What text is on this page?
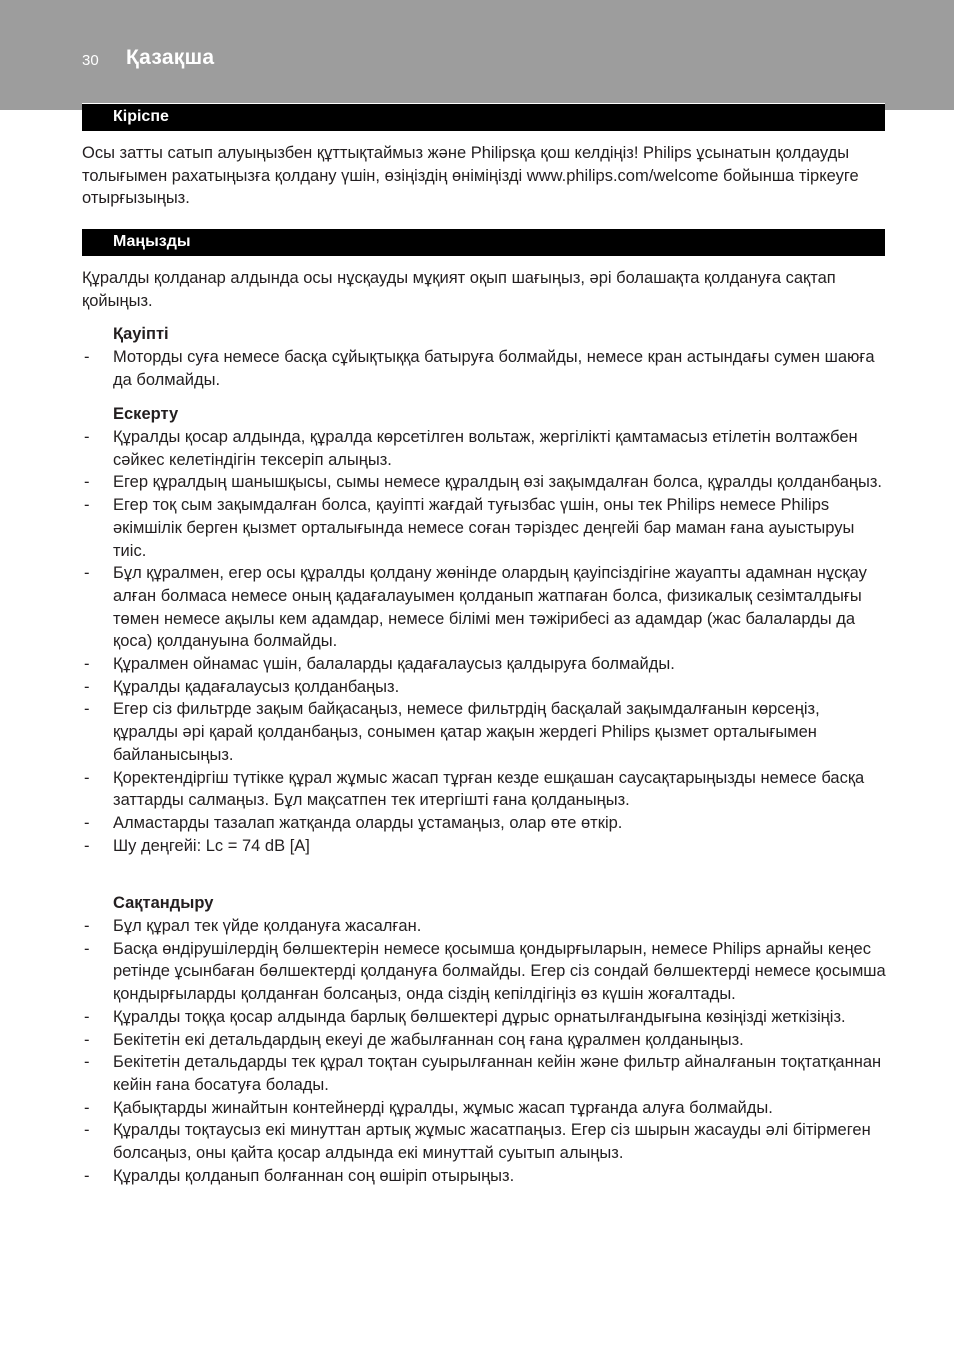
30 Қазақша
Кіріспе

Осы затты сатып алуыңызбен құттықтаймыз және Philipsқа қош келдіңіз! Philips ұсынатын қолдауды толығымен рахатыңызға қолдану үшін, өзіңіздің өніміңізді www.philips.com/welcome бойынша тіркеуге отырғызыңыз.

Маңызды

Құралды қолданар алдында осы нұсқауды мұқият оқып шағыңыз, әрі болашақта қолдануға сақтап қойыңыз.

Қауіпті
- Моторды суға немесе басқа сұйықтыққа батыруға болмайды, немесе кран астындағы сумен шаюға да болмайды.
Ескерту
- Құралды қосар алдында, құралда көрсетілген вольтаж, жергілікті қамтамасыз етілетін волтажбен сәйкес келетіндігін тексеріп алыңыз.
- Егер құралдың шанышқысы, сымы немесе құралдың өзі зақымдалған болса, құралды қолданбаңыз.
- Егер тоқ сым зақымдалған болса, қауіпті жағдай туғызбас үшін, оны тек Philips немесе Philips әкімшілік берген қызмет орталығында немесе соған тәріздес деңгейі бар маман ғана ауыстыруы тиіс.
- Бұл құралмен, егер осы құралды қолдану жөнінде олардың қауіпсіздігіне жауапты адамнан нұсқау алған болмаса немесе оның қадағалауымен қолданып жатпаған болса, физикалық сезімталдығы төмен немесе ақылы кем адамдар, немесе білімі мен тәжірибесі аз адамдар (жас балаларды да қоса) қолдануына болмайды.
- Құралмен ойнамас үшін, балаларды қадағалаусыз қалдыруға болмайды.
- Құралды қадағалаусыз қолданбаңыз.
- Егер сіз фильтрде зақым байқасаңыз, немесе фильтрдің басқалай зақымдалғанын көрсеңіз, құралды әрі қарай қолданбаңыз, сонымен қатар жақын жердегі Philips қызмет орталығымен байланысыңыз.
- Қоректендіргіш түтікке құрал жұмыс жасап тұрған кезде ешқашан саусақтарыңызды немесе басқа заттарды салмаңыз. Бұл мақсатпен тек итергішті ғана қолданыңыз.
- Алмастарды тазалап жатқанда оларды ұстамаңыз, олар өте өткір.
- Шу деңгейі: Lc = 74 dB [A]
Сақтандыру
- Бұл құрал тек үйде қолдануға жасалған.
- Басқа өндірушілердің бөлшектерін немесе қосымша қондырғыларын, немесе Philips арнайы кеңес ретінде ұсынбаған бөлшектерді қолдануға болмайды. Егер сіз сондай бөлшектерді немесе қосымша қондырғыларды қолданған болсаңыз, онда сіздің кепілдігіңіз өз күшін жоғалтады.
- Құралды тоққа қосар алдында барлық бөлшектері дұрыс орнатылғандығына көзіңізді жеткізіңіз.
- Бекітетін екі детальдардың екеуі де жабылғаннан соң ғана құралмен қолданыңыз.
- Бекітетін детальдарды тек құрал тоқтан суырылғаннан кейін және фильтр айналғанын тоқтатқаннан кейін ғана босатуға болады.
- Қабықтарды жинайтын контейнерді құралды, жұмыс жасап тұрғанда алуға болмайды.
- Құралды тоқтаусыз екі минуттан артық жұмыс жасатпаңыз. Егер сіз шырын жасауды әлі бітірмеген болсаңыз, оны қайта қосар алдында екі минуттай суытып алыңыз.
- Құралды қолданып болғаннан соң өшіріп отырыңыз.
